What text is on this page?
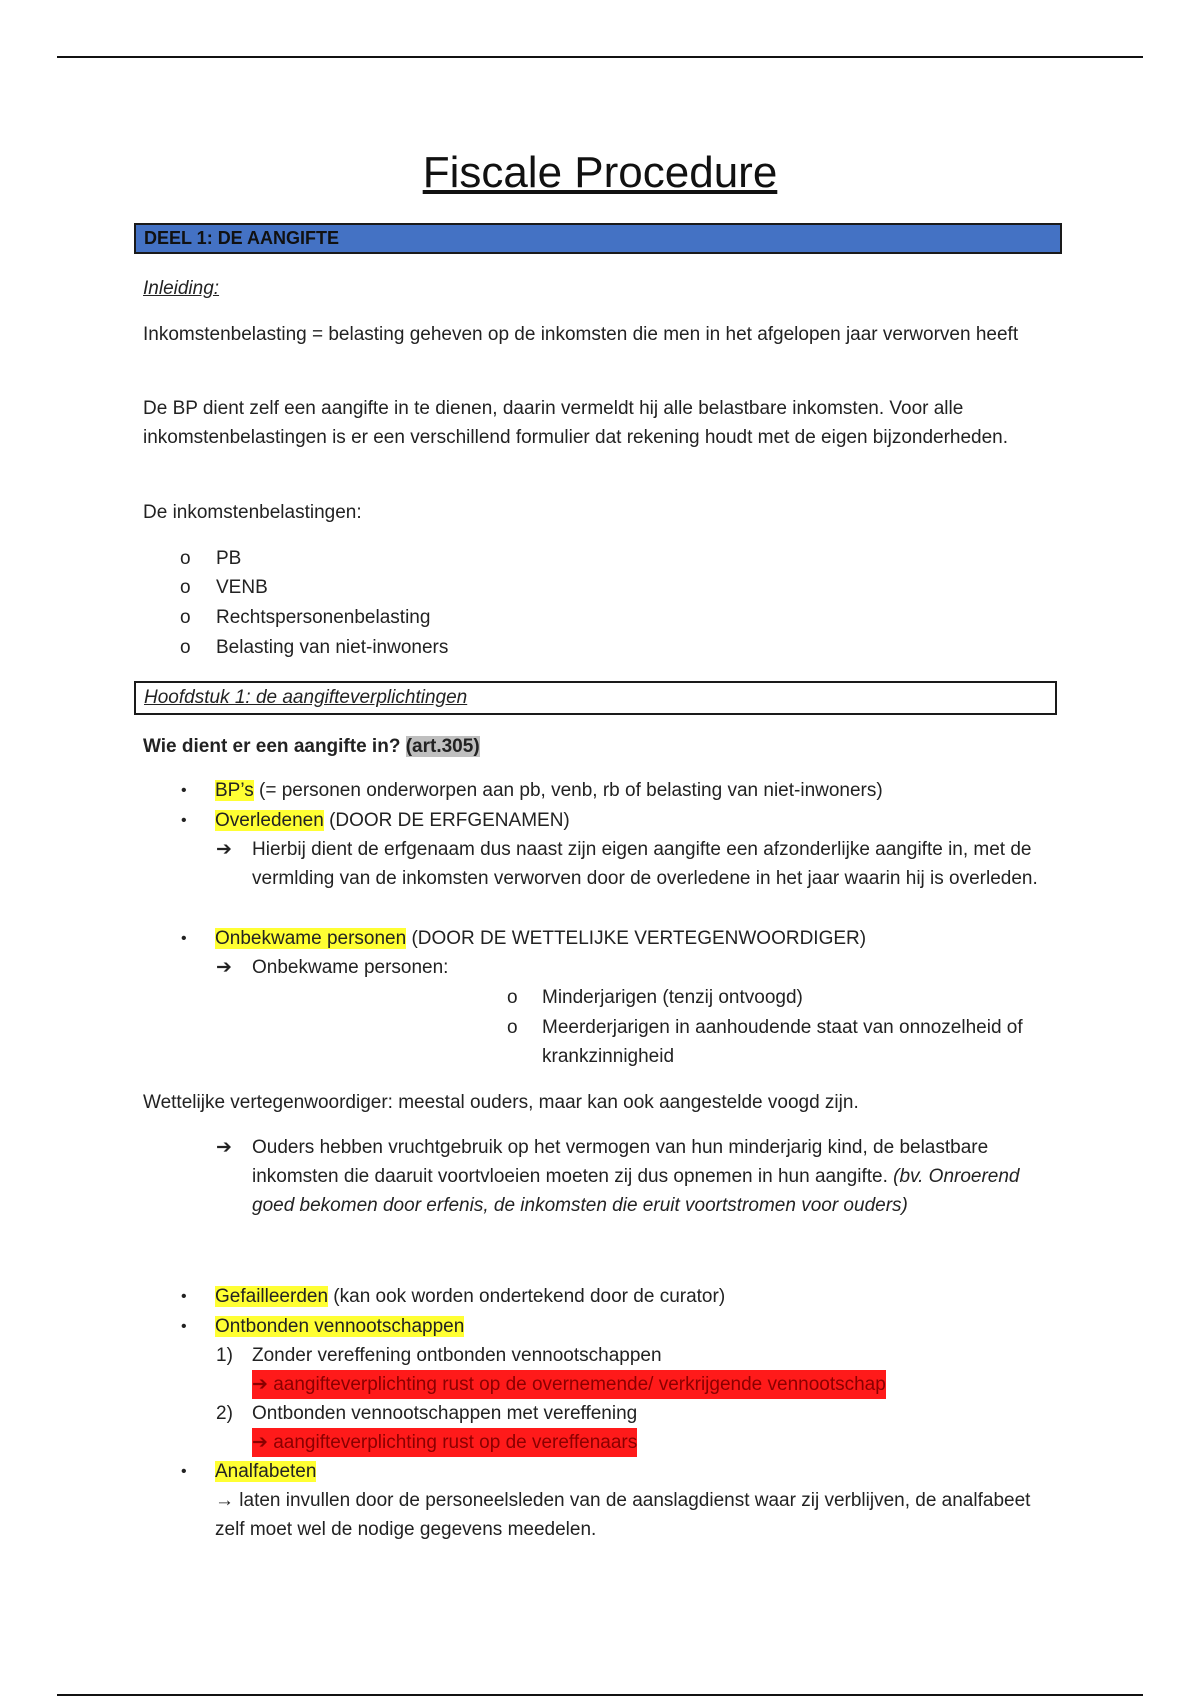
Fiscale Procedure
DEEL 1: DE AANGIFTE
Inleiding:
Inkomstenbelasting = belasting geheven op de inkomsten die men in het afgelopen jaar verworven heeft
De BP dient zelf een aangifte in te dienen, daarin vermeldt hij alle belastbare inkomsten. Voor alle inkomstenbelastingen is er een verschillend formulier dat rekening houdt met de eigen bijzonderheden.
De inkomstenbelastingen:
o PB
o VENB
o Rechtspersonenbelasting
o Belasting van niet-inwoners
Hoofdstuk 1: de aangifteverplichtingen
Wie dient er een aangifte in? (art.305)
• BP’s (= personen onderworpen aan pb, venb, rb of belasting van niet-inwoners)
• Overledenen (DOOR DE ERFGENAMEN)
➔ Hierbij dient de erfgenaam dus naast zijn eigen aangifte een afzonderlijke aangifte in, met de vermlding van de inkomsten verworven door de overledene in het jaar waarin hij is overleden.
• Onbekwame personen (DOOR DE WETTELIJKE VERTEGENWOORDIGER)
➔ Onbekwame personen:
o Minderjarigen (tenzij ontvoogd)
o Meerderjarigen in aanhoudende staat van onnozelheid of krankzinnigheid
Wettelijke vertegenwoordiger: meestal ouders, maar kan ook aangestelde voogd zijn.
➔ Ouders hebben vruchtgebruik op het vermogen van hun minderjarig kind, de belastbare inkomsten die daaruit voortvloeien moeten zij dus opnemen in hun aangifte. (bv. Onroerend goed bekomen door erfenis, de inkomsten die eruit voortstromen voor ouders)
• Gefailleerden (kan ook worden ondertekend door de curator)
• Ontbonden vennootschappen
1) Zonder vereffening ontbonden vennootschappen
➔ aangifteverplichting rust op de overnemende/ verkrijgende vennootschap
2) Ontbonden vennootschappen met vereffening
➔ aangifteverplichting rust op de vereffenaars
• Analfabeten
→ laten invullen door de personeelsleden van de aanslagdienst waar zij verblijven, de analfabeet zelf moet wel de nodige gegevens meedelen.
